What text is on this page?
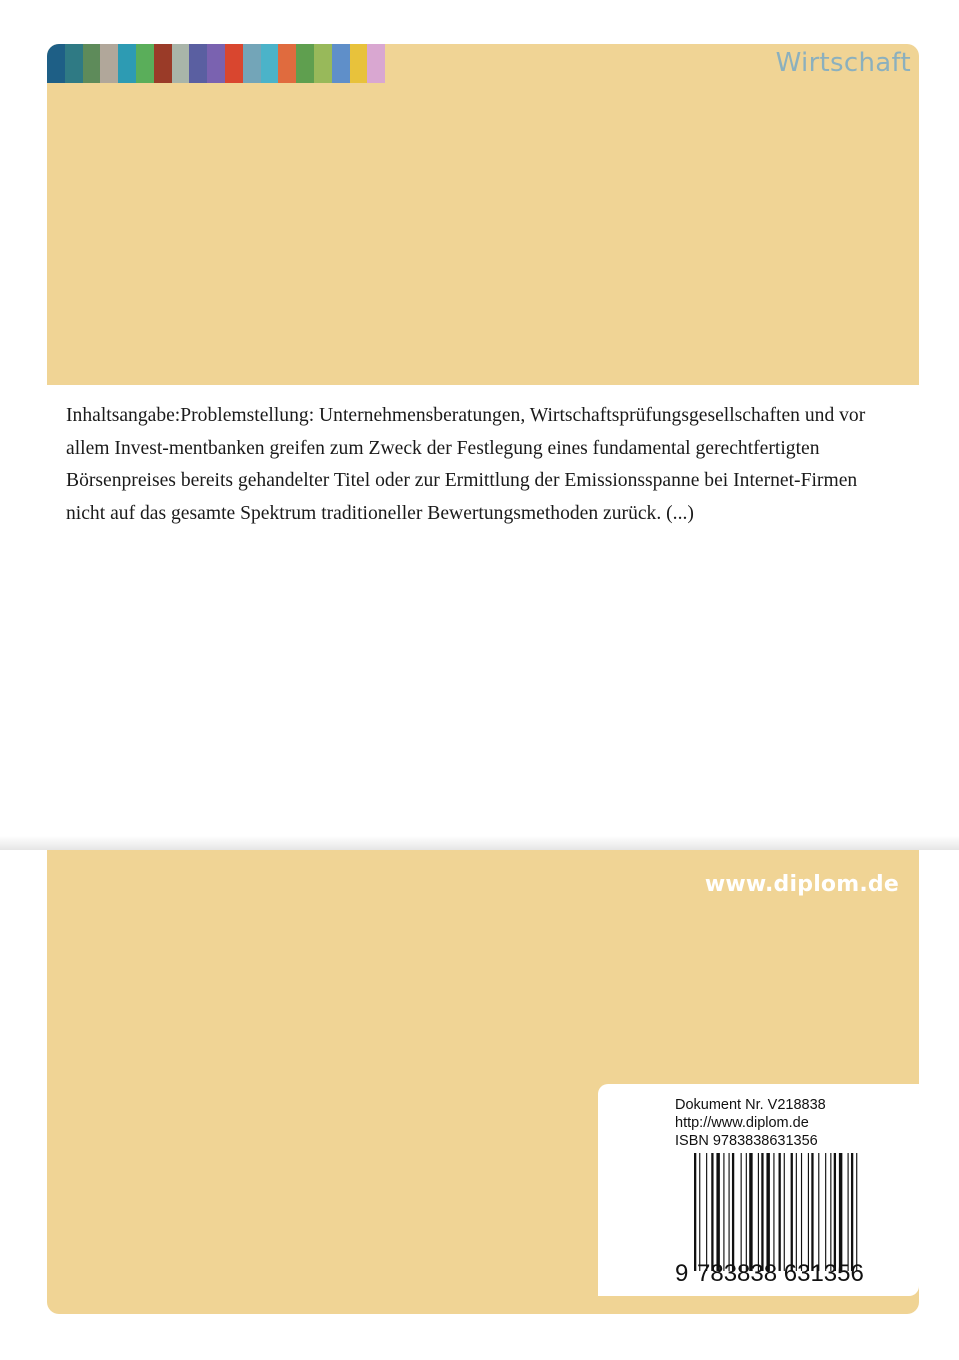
Wirtschaft

Inhaltsangabe:Problemstellung: Unternehmensberatungen, Wirtschaftsprüfungsgesellschaften und vor allem Invest-mentbanken greifen zum Zweck der Festlegung eines fundamental gerechtfertigten Börsenpreises bereits gehandelter Titel oder zur Ermittlung der Emissionsspanne bei Internet-Firmen nicht auf das gesamte Spektrum traditioneller Bewertungsmethoden zurück. (...)

www.diplom.de
Dokument Nr. V218838
http://www.diplom.de
ISBN 9783838631356
9 783838 631356
